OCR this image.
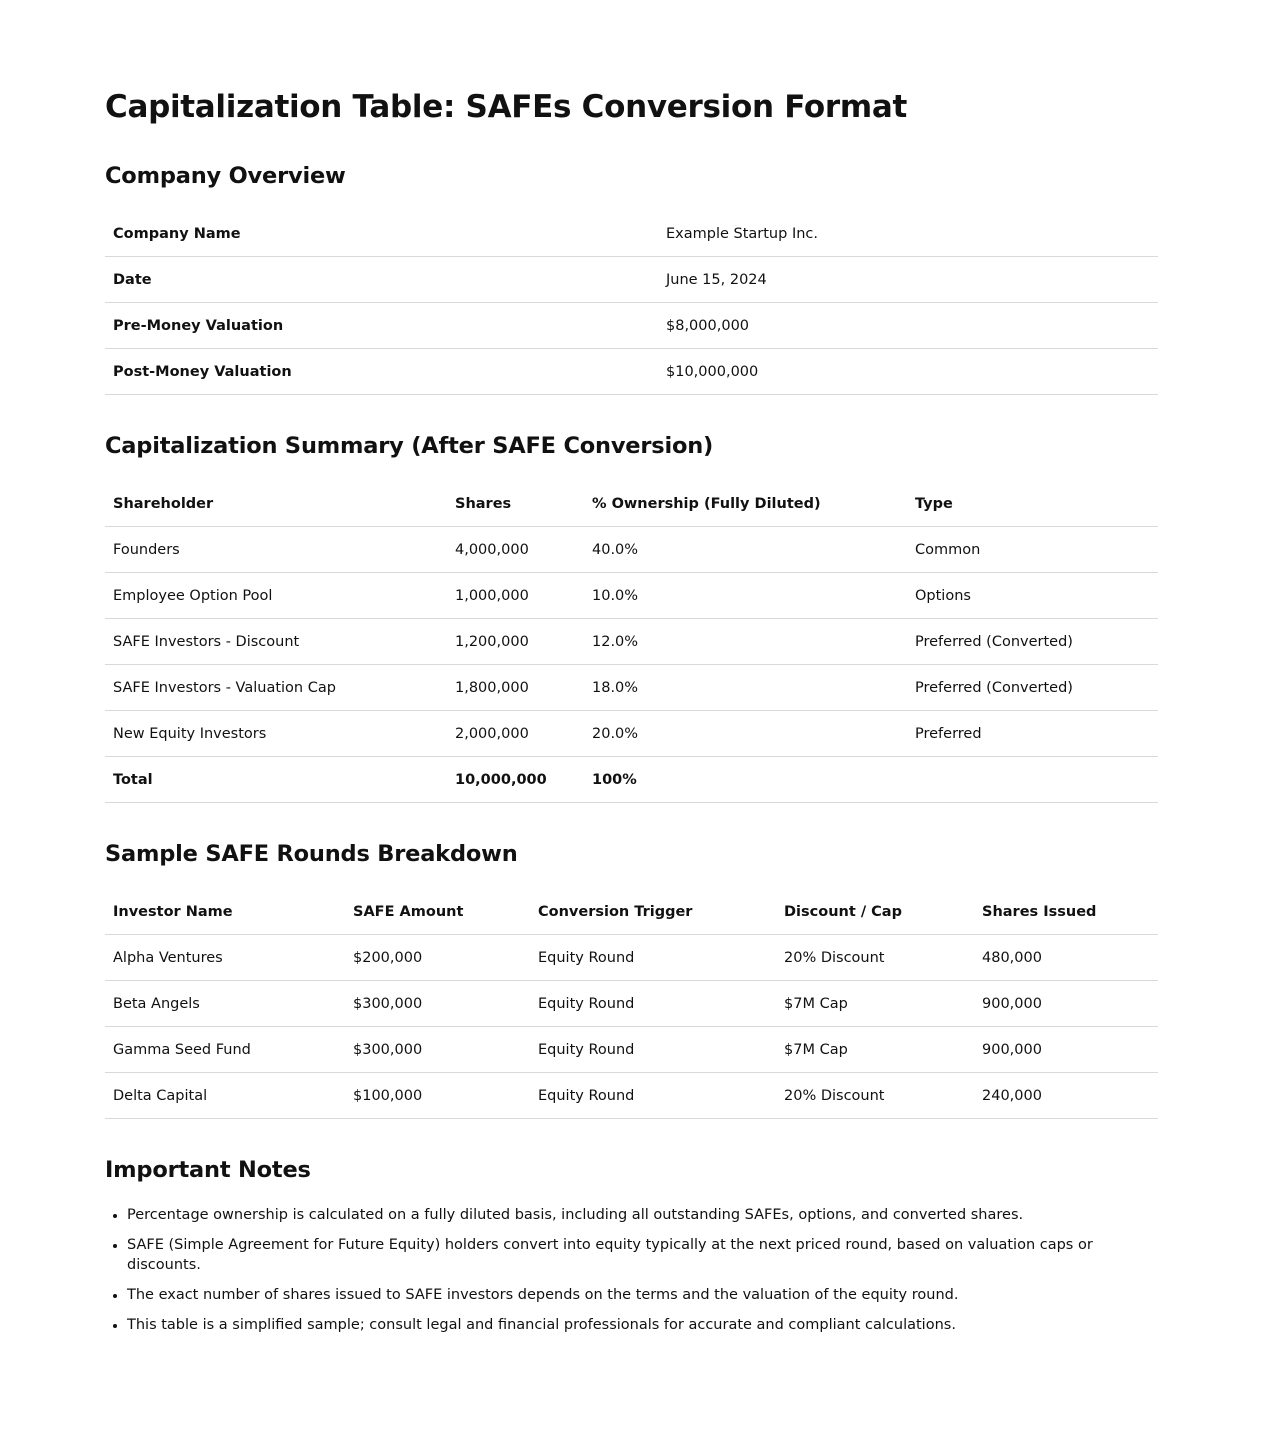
Capitalization Table: SAFEs Conversion Format
Company Overview
Company Name	Example Startup Inc.
Date	June 15, 2024
Pre-Money Valuation	$8,000,000
Post-Money Valuation	$10,000,000
Capitalization Summary (After SAFE Conversion)
Shareholder	Shares	% Ownership (Fully Diluted)	Type
Founders	4,000,000	40.0%	Common
Employee Option Pool	1,000,000	10.0%	Options
SAFE Investors - Discount	1,200,000	12.0%	Preferred (Converted)
SAFE Investors - Valuation Cap	1,800,000	18.0%	Preferred (Converted)
New Equity Investors	2,000,000	20.0%	Preferred
Total	10,000,000	100%	
Sample SAFE Rounds Breakdown
Investor Name	SAFE Amount	Conversion Trigger	Discount / Cap	Shares Issued
Alpha Ventures	$200,000	Equity Round	20% Discount	480,000
Beta Angels	$300,000	Equity Round	$7M Cap	900,000
Gamma Seed Fund	$300,000	Equity Round	$7M Cap	900,000
Delta Capital	$100,000	Equity Round	20% Discount	240,000
Important Notes
• Percentage ownership is calculated on a fully diluted basis, including all outstanding SAFEs, options, and converted shares.
• SAFE (Simple Agreement for Future Equity) holders convert into equity typically at the next priced round, based on valuation caps or discounts.
• The exact number of shares issued to SAFE investors depends on the terms and the valuation of the equity round.
• This table is a simplified sample; consult legal and financial professionals for accurate and compliant calculations.
